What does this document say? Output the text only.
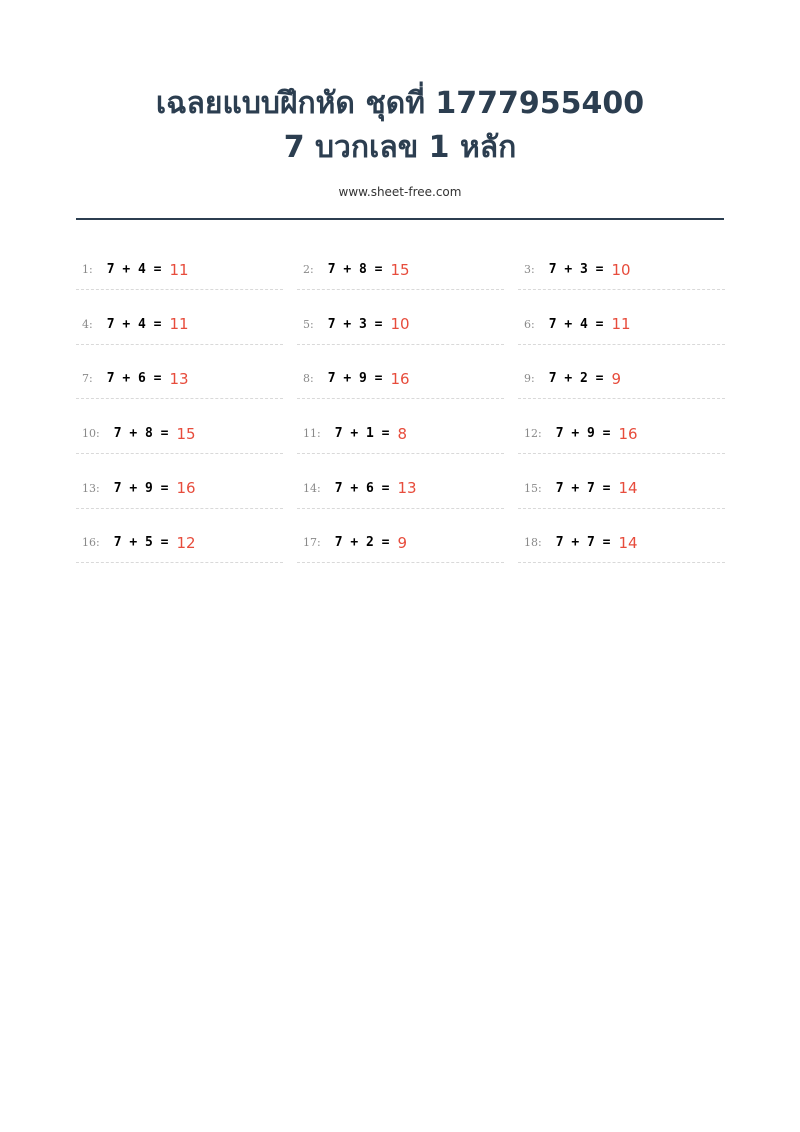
เฉลยแบบฝึกหัด ชุดที่ 1777955400
7 บวกเลข 1 หลัก
www.sheet-free.com
1: 7 + 4 = 11	2: 7 + 8 = 15	3: 7 + 3 = 10
4: 7 + 4 = 11	5: 7 + 3 = 10	6: 7 + 4 = 11
7: 7 + 6 = 13	8: 7 + 9 = 16	9: 7 + 2 = 9
10: 7 + 8 = 15	11: 7 + 1 = 8	12: 7 + 9 = 16
13: 7 + 9 = 16	14: 7 + 6 = 13	15: 7 + 7 = 14
16: 7 + 5 = 12	17: 7 + 2 = 9	18: 7 + 7 = 14
